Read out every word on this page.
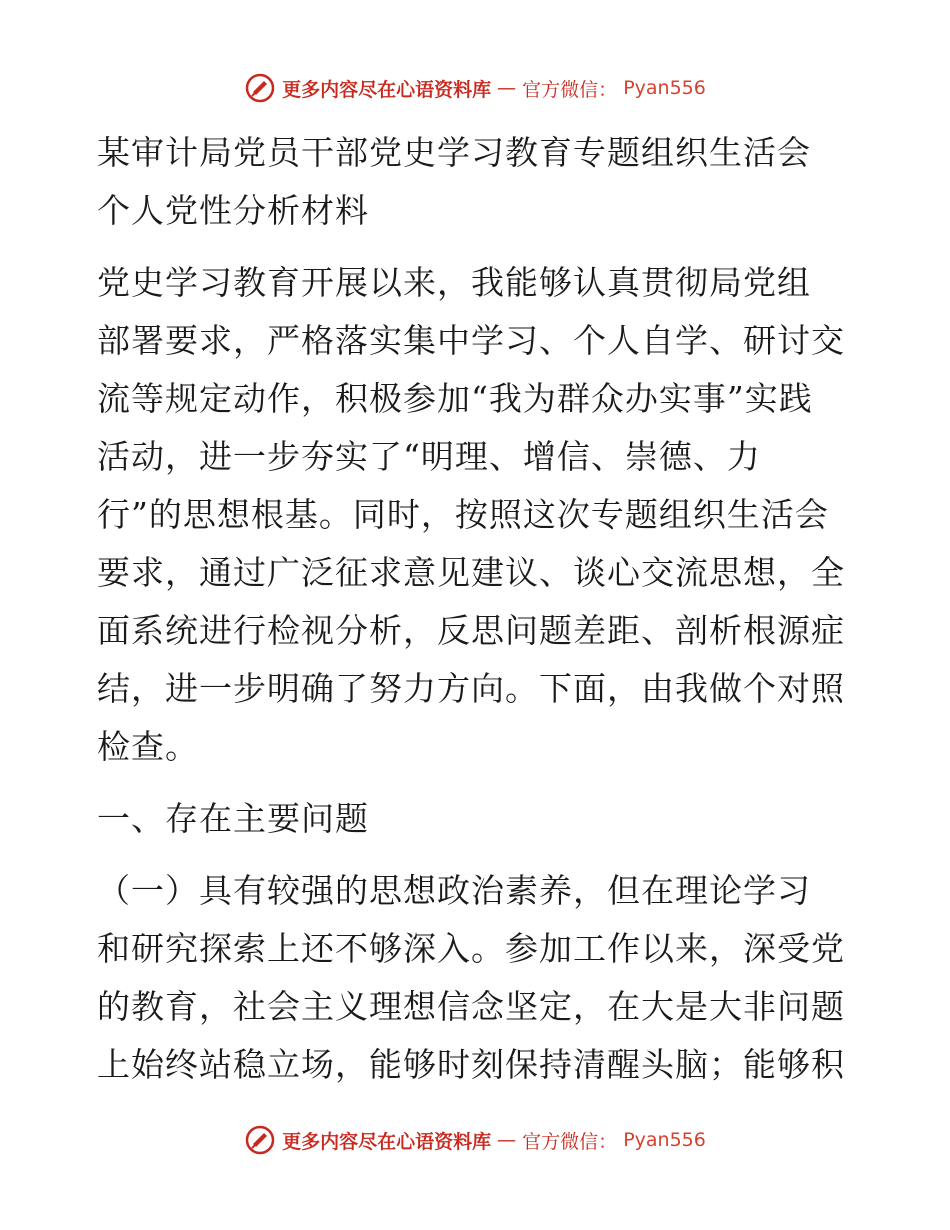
更多内容尽在心语资料库 — 官方微信： Pyan556
某审计局党员干部党史学习教育专题组织生活会
个人党性分析材料
党史学习教育开展以来，我能够认真贯彻局党组
部署要求，严格落实集中学习、个人自学、研讨交
流等规定动作，积极参加“我为群众办实事”实践
活动，进一步夯实了“明理、增信、崇德、力
行”的思想根基。同时，按照这次专题组织生活会
要求，通过广泛征求意见建议、谈心交流思想，全
面系统进行检视分析，反思问题差距、剖析根源症
结，进一步明确了努力方向。下面，由我做个对照
检查。
一、存在主要问题
（一）具有较强的思想政治素养，但在理论学习
和研究探索上还不够深入。参加工作以来，深受党
的教育，社会主义理想信念坚定，在大是大非问题
上始终站稳立场，能够时刻保持清醒头脑；能够积
更多内容尽在心语资料库 — 官方微信： Pyan556
